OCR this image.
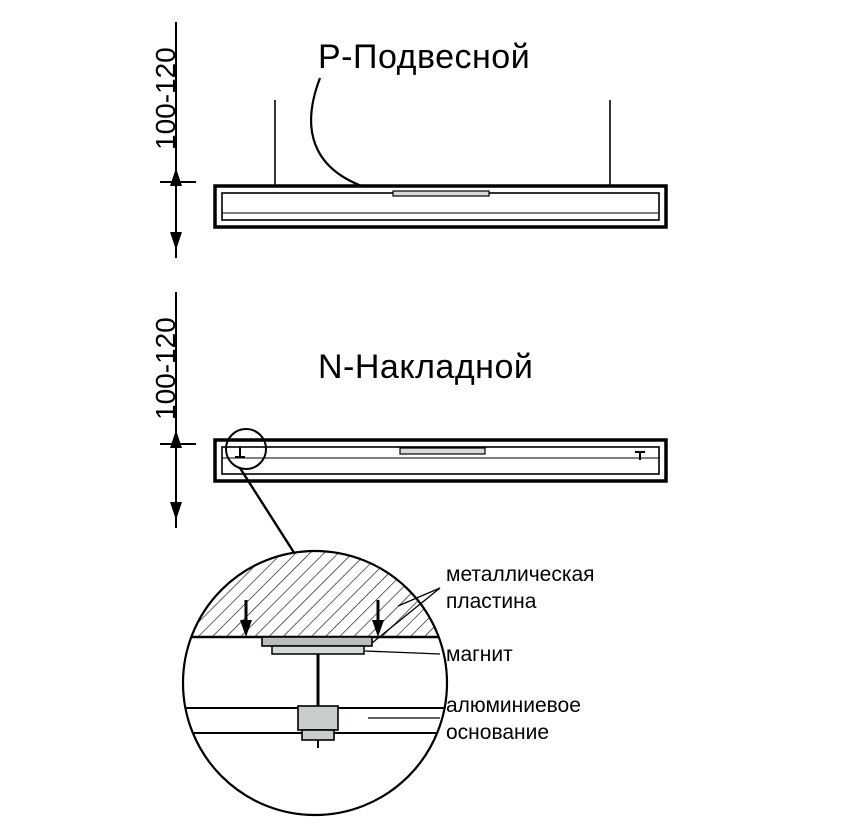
P-Подвесной
N-Накладной
100-120
100-120
металлическая
пластина
магнит
алюминиевое
основание
